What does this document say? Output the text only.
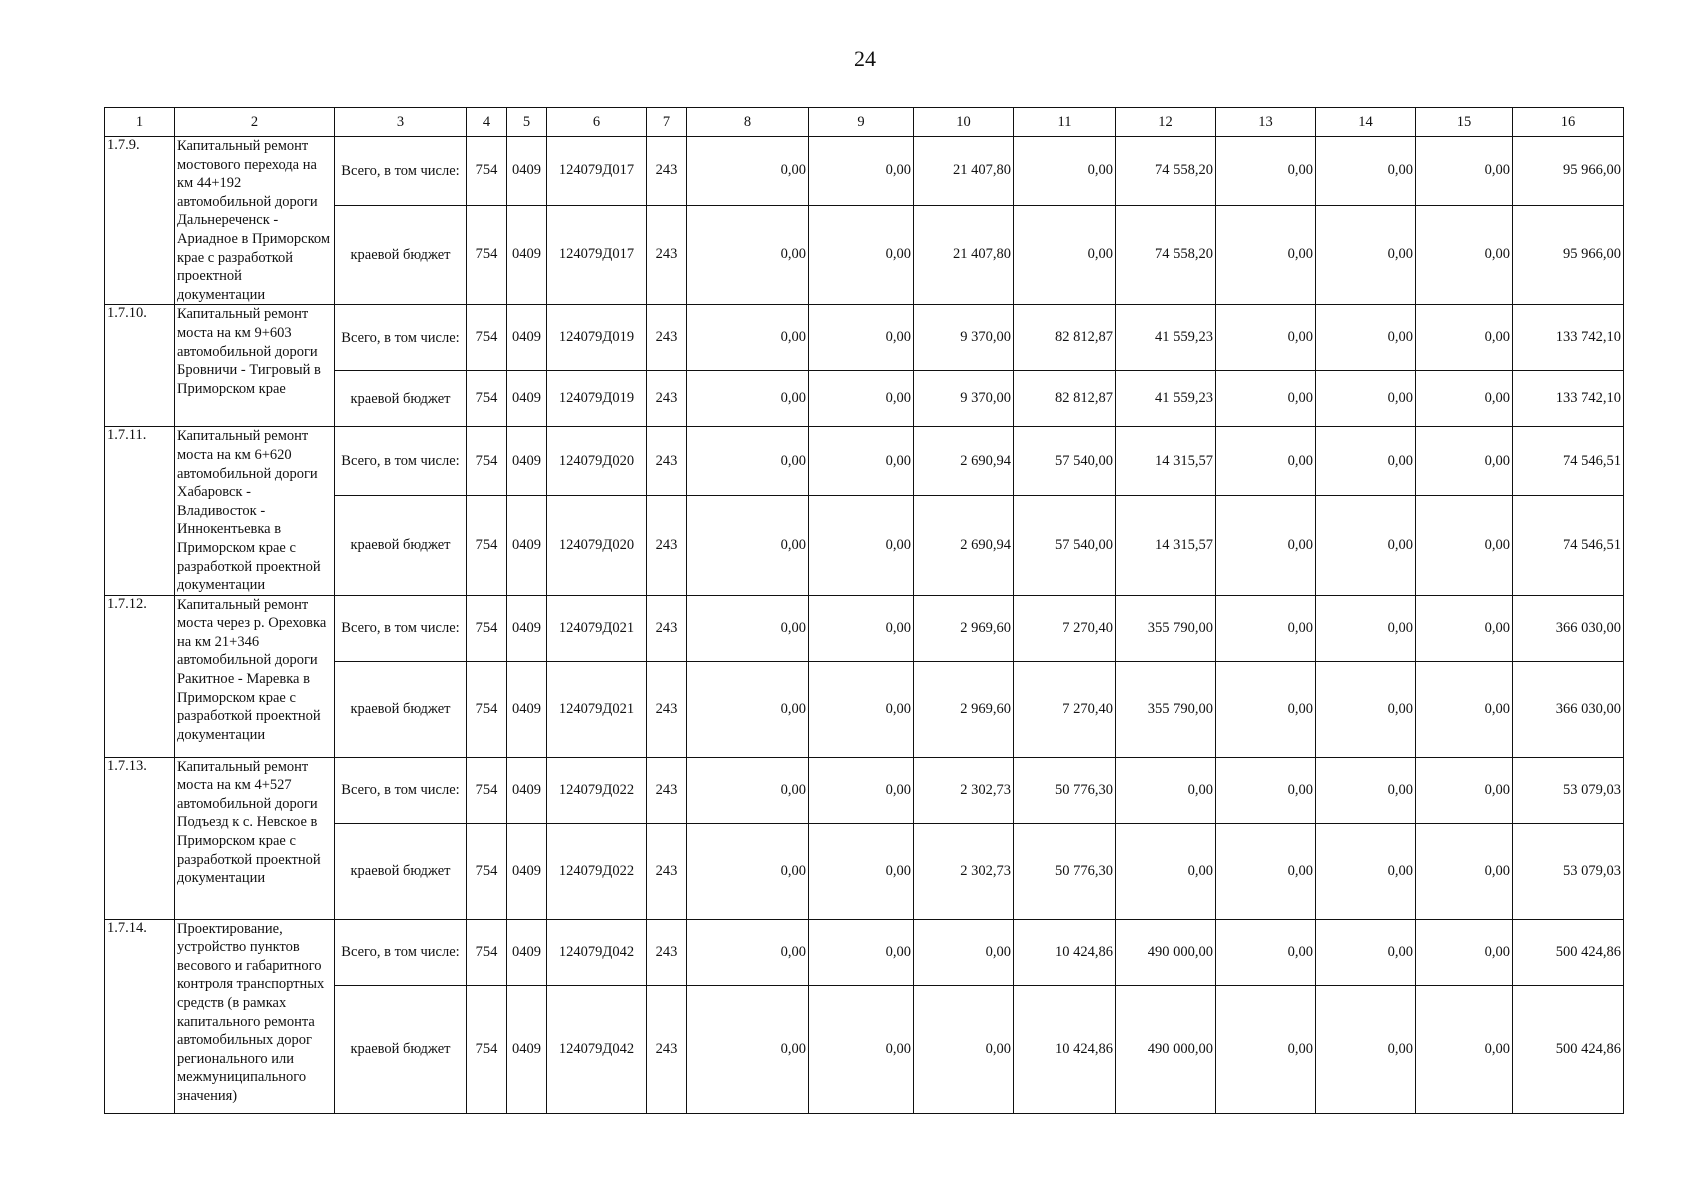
24
1	2	3	4	5	6	7	8	9	10	11	12	13	14	15	16
1.7.9.	Капитальный ремонт мостового перехода на км 44+192 автомобильной дороги Дальнереченск - Ариадное в Приморском крае с разработкой проектной документации	Всего, в том числе:	754	0409	124079Д017	243	0,00	0,00	21 407,80	0,00	74 558,20	0,00	0,00	0,00	95 966,00
		краевой бюджет	754	0409	124079Д017	243	0,00	0,00	21 407,80	0,00	74 558,20	0,00	0,00	0,00	95 966,00
1.7.10.	Капитальный ремонт моста на км 9+603 автомобильной дороги Бровничи - Тигровый в Приморском крае	Всего, в том числе:	754	0409	124079Д019	243	0,00	0,00	9 370,00	82 812,87	41 559,23	0,00	0,00	0,00	133 742,10
		краевой бюджет	754	0409	124079Д019	243	0,00	0,00	9 370,00	82 812,87	41 559,23	0,00	0,00	0,00	133 742,10
1.7.11.	Капитальный ремонт моста на км 6+620 автомобильной дороги Хабаровск - Владивосток - Иннокентьевка в Приморском крае с разработкой проектной документации	Всего, в том числе:	754	0409	124079Д020	243	0,00	0,00	2 690,94	57 540,00	14 315,57	0,00	0,00	0,00	74 546,51
		краевой бюджет	754	0409	124079Д020	243	0,00	0,00	2 690,94	57 540,00	14 315,57	0,00	0,00	0,00	74 546,51
1.7.12.	Капитальный ремонт моста через р. Ореховка на км 21+346 автомобильной дороги Ракитное - Маревка в Приморском крае с разработкой проектной документации	Всего, в том числе:	754	0409	124079Д021	243	0,00	0,00	2 969,60	7 270,40	355 790,00	0,00	0,00	0,00	366 030,00
		краевой бюджет	754	0409	124079Д021	243	0,00	0,00	2 969,60	7 270,40	355 790,00	0,00	0,00	0,00	366 030,00
1.7.13.	Капитальный ремонт моста на км 4+527 автомобильной дороги Подъезд к с. Невское в Приморском крае с разработкой проектной документации	Всего, в том числе:	754	0409	124079Д022	243	0,00	0,00	2 302,73	50 776,30	0,00	0,00	0,00	0,00	53 079,03
		краевой бюджет	754	0409	124079Д022	243	0,00	0,00	2 302,73	50 776,30	0,00	0,00	0,00	0,00	53 079,03
1.7.14.	Проектирование, устройство пунктов весового и габаритного контроля транспортных средств (в рамках капитального ремонта автомобильных дорог регионального или межмуниципального значения)	Всего, в том числе:	754	0409	124079Д042	243	0,00	0,00	0,00	10 424,86	490 000,00	0,00	0,00	0,00	500 424,86
		краевой бюджет	754	0409	124079Д042	243	0,00	0,00	0,00	10 424,86	490 000,00	0,00	0,00	0,00	500 424,86
